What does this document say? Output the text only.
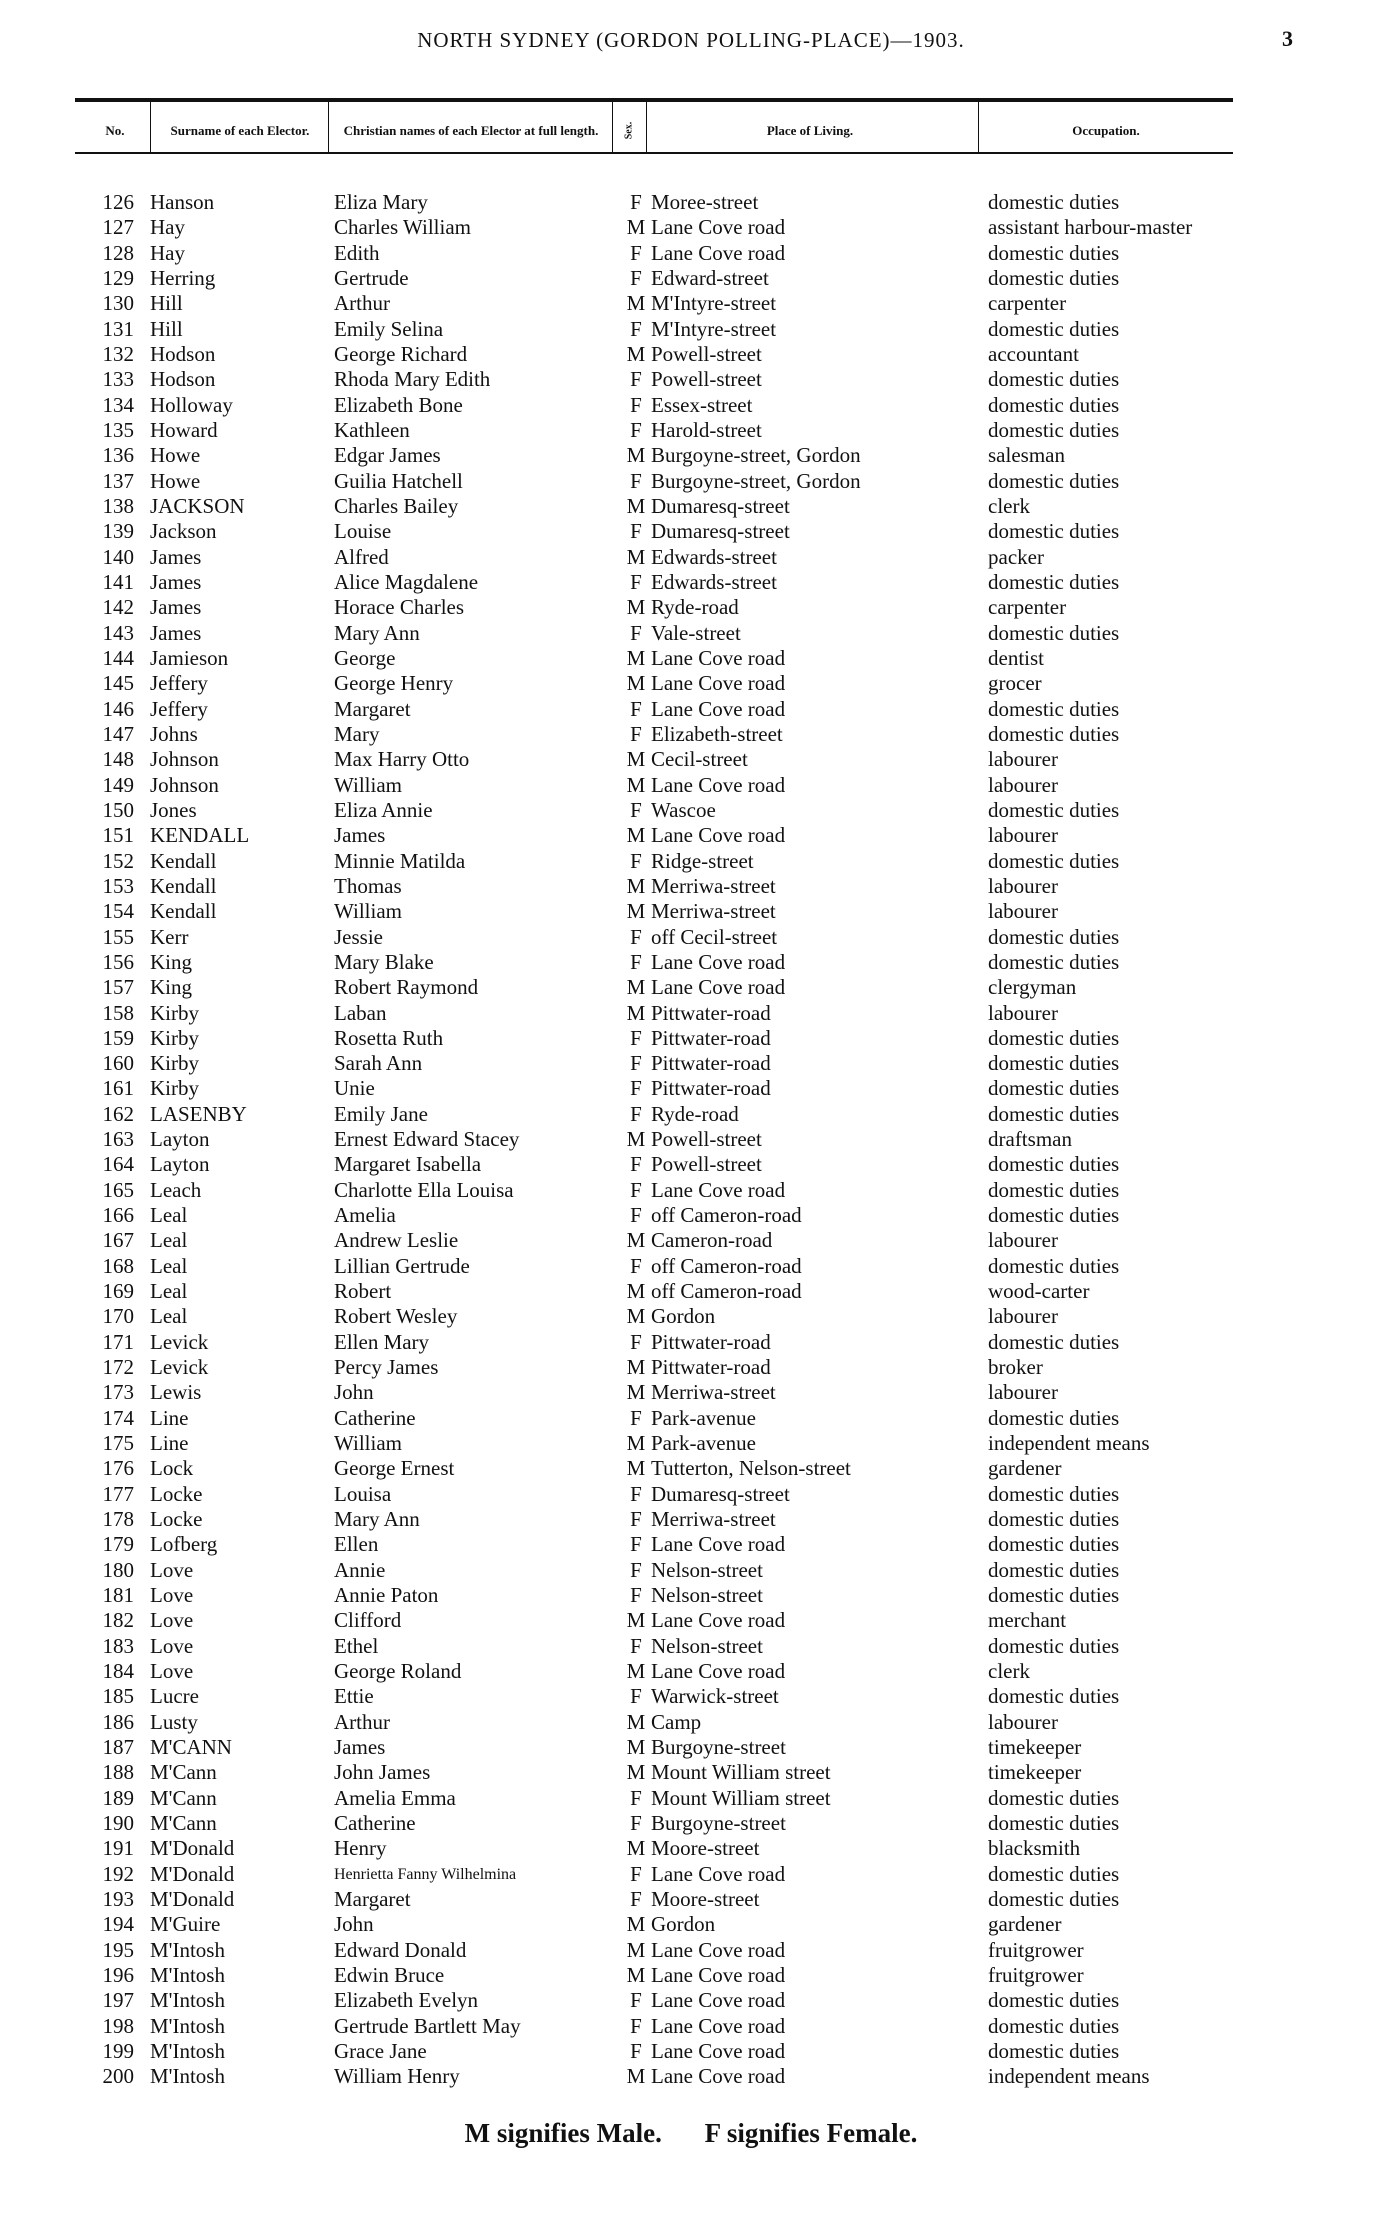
NORTH SYDNEY (GORDON POLLING-PLACE)—1903.	3
No.	Surname of each Elector.	Christian names of each Elector at full length.	Sex.	Place of Living.	Occupation.
126 Hanson	Eliza Mary	F Moree-street	domestic duties
127 Hay	Charles William	M Lane Cove road	assistant harbour-master
128 Hay	Edith	F Lane Cove road	domestic duties
129 Herring	Gertrude	F Edward-street	domestic duties
130 Hill	Arthur	M M'Intyre-street	carpenter
131 Hill	Emily Selina	F M'Intyre-street	domestic duties
132 Hodson	George Richard	M Powell-street	accountant
133 Hodson	Rhoda Mary Edith	F Powell-street	domestic duties
134 Holloway	Elizabeth Bone	F Essex-street	domestic duties
135 Howard	Kathleen	F Harold-street	domestic duties
136 Howe	Edgar James	M Burgoyne-street, Gordon	salesman
137 Howe	Guilia Hatchell	F Burgoyne-street, Gordon	domestic duties
138 JACKSON	Charles Bailey	M Dumaresq-street	clerk
139 Jackson	Louise	F Dumaresq-street	domestic duties
140 James	Alfred	M Edwards-street	packer
141 James	Alice Magdalene	F Edwards-street	domestic duties
142 James	Horace Charles	M Ryde-road	carpenter
143 James	Mary Ann	F Vale-street	domestic duties
144 Jamieson	George	M Lane Cove road	dentist
145 Jeffery	George Henry	M Lane Cove road	grocer
146 Jeffery	Margaret	F Lane Cove road	domestic duties
147 Johns	Mary	F Elizabeth-street	domestic duties
148 Johnson	Max Harry Otto	M Cecil-street	labourer
149 Johnson	William	M Lane Cove road	labourer
150 Jones	Eliza Annie	F Wascoe	domestic duties
151 KENDALL	James	M Lane Cove road	labourer
152 Kendall	Minnie Matilda	F Ridge-street	domestic duties
153 Kendall	Thomas	M Merriwa-street	labourer
154 Kendall	William	M Merriwa-street	labourer
155 Kerr	Jessie	F off Cecil-street	domestic duties
156 King	Mary Blake	F Lane Cove road	domestic duties
157 King	Robert Raymond	M Lane Cove road	clergyman
158 Kirby	Laban	M Pittwater-road	labourer
159 Kirby	Rosetta Ruth	F Pittwater-road	domestic duties
160 Kirby	Sarah Ann	F Pittwater-road	domestic duties
161 Kirby	Unie	F Pittwater-road	domestic duties
162 LASENBY	Emily Jane	F Ryde-road	domestic duties
163 Layton	Ernest Edward Stacey	M Powell-street	draftsman
164 Layton	Margaret Isabella	F Powell-street	domestic duties
165 Leach	Charlotte Ella Louisa	F Lane Cove road	domestic duties
166 Leal	Amelia	F off Cameron-road	domestic duties
167 Leal	Andrew Leslie	M Cameron-road	labourer
168 Leal	Lillian Gertrude	F off Cameron-road	domestic duties
169 Leal	Robert	M off Cameron-road	wood-carter
170 Leal	Robert Wesley	M Gordon	labourer
171 Levick	Ellen Mary	F Pittwater-road	domestic duties
172 Levick	Percy James	M Pittwater-road	broker
173 Lewis	John	M Merriwa-street	labourer
174 Line	Catherine	F Park-avenue	domestic duties
175 Line	William	M Park-avenue	independent means
176 Lock	George Ernest	M Tutterton, Nelson-street	gardener
177 Locke	Louisa	F Dumaresq-street	domestic duties
178 Locke	Mary Ann	F Merriwa-street	domestic duties
179 Lofberg	Ellen	F Lane Cove road	domestic duties
180 Love	Annie	F Nelson-street	domestic duties
181 Love	Annie Paton	F Nelson-street	domestic duties
182 Love	Clifford	M Lane Cove road	merchant
183 Love	Ethel	F Nelson-street	domestic duties
184 Love	George Roland	M Lane Cove road	clerk
185 Lucre	Ettie	F Warwick-street	domestic duties
186 Lusty	Arthur	M Camp	labourer
187 M'CANN	James	M Burgoyne-street	timekeeper
188 M'Cann	John James	M Mount William street	timekeeper
189 M'Cann	Amelia Emma	F Mount William street	domestic duties
190 M'Cann	Catherine	F Burgoyne-street	domestic duties
191 M'Donald	Henry	M Moore-street	blacksmith
192 M'Donald	Henrietta Fanny Wilhelmina	F Lane Cove road	domestic duties
193 M'Donald	Margaret	F Moore-street	domestic duties
194 M'Guire	John	M Gordon	gardener
195 M'Intosh	Edward Donald	M Lane Cove road	fruitgrower
196 M'Intosh	Edwin Bruce	M Lane Cove road	fruitgrower
197 M'Intosh	Elizabeth Evelyn	F Lane Cove road	domestic duties
198 M'Intosh	Gertrude Bartlett May	F Lane Cove road	domestic duties
199 M'Intosh	Grace Jane	F Lane Cove road	domestic duties
200 M'Intosh	William Henry	M Lane Cove road	independent means
M signifies Male. F signifies Female.
